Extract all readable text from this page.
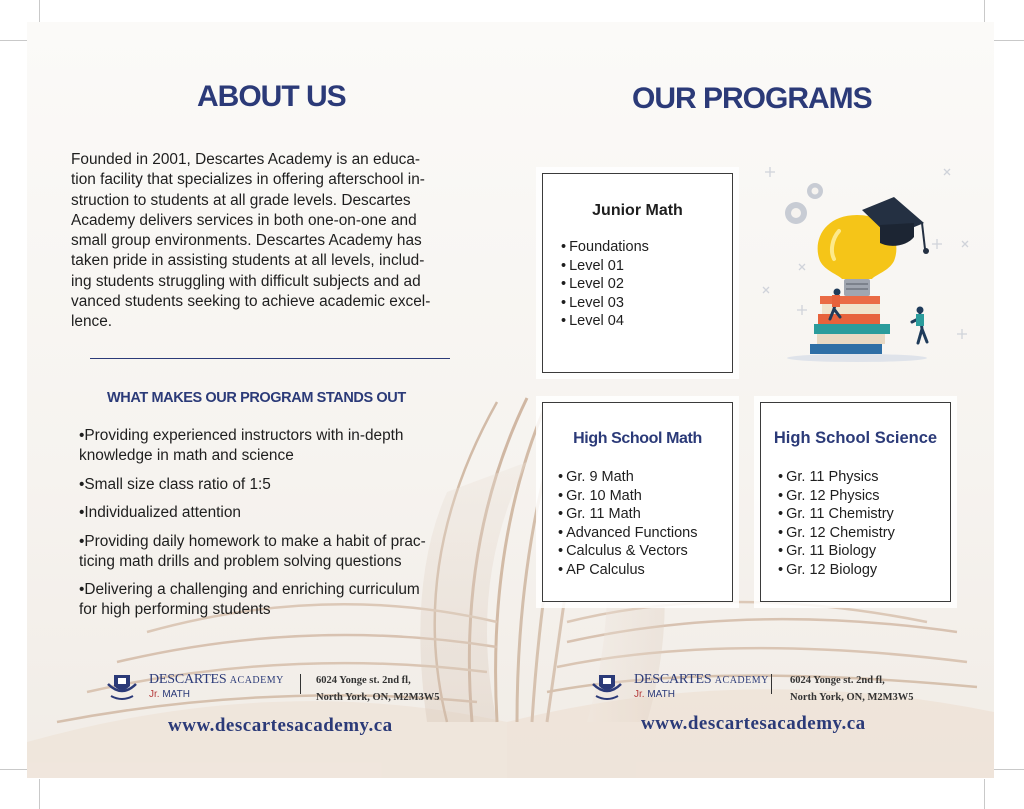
ABOUT US	OUR PROGRAMS

Founded in 2001, Descartes Academy is an educa-
tion facility that specializes in offering afterschool in-
struction to students at all grade levels. Descartes
Academy delivers services in both one-on-one and
small group environments. Descartes Academy has
taken pride in assisting students at all levels, includ-
ing students struggling with difficult subjects and ad
vanced students seeking to achieve academic excel-
lence.

WHAT MAKES OUR PROGRAM STANDS OUT
•Providing experienced instructors with in-depth
knowledge in math and science
•Small size class ratio of 1:5
•Individualized attention
•Providing daily homework to make a habit of prac-
ticing math drills and problem solving questions
•Delivering a challenging and enriching curriculum
for high performing students
Junior Math
• Foundations
• Level 01
• Level 02
• Level 03
• Level 04
High School Math
• Gr. 9 Math
• Gr. 10 Math
• Gr. 11 Math
• Advanced Functions
• Calculus & Vectors
• AP Calculus
High School Science
• Gr. 11 Physics
• Gr. 12 Physics
• Gr. 11 Chemistry
• Gr. 12 Chemistry
• Gr. 11 Biology
• Gr. 12 Biology
DESCARTES ACADEMY
Jr. MATH
6024 Yonge st. 2nd fl,
North York, ON, M2M3W5
www.descartesacademy.ca
DESCARTES ACADEMY
Jr. MATH
6024 Yonge st. 2nd fl,
North York, ON, M2M3W5
www.descartesacademy.ca
